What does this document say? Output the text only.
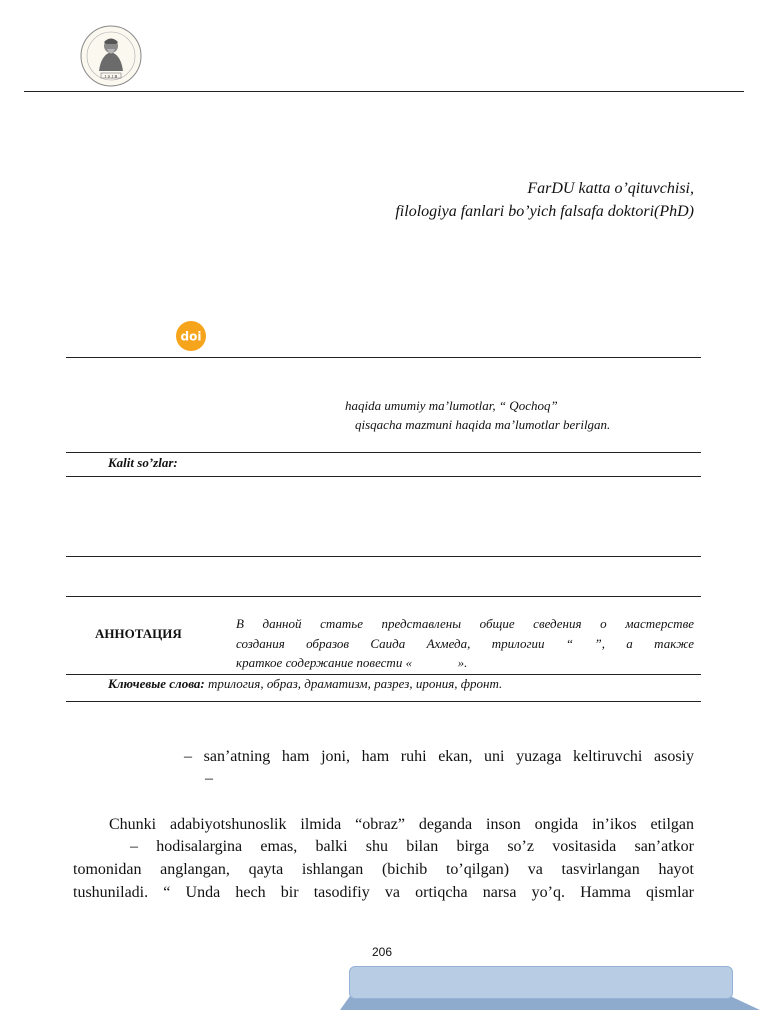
I S J B
FarDU katta o’qituvchisi,
filologiya fanlari bo’yich falsafa doktori(PhD)
doi
haqida umumiy ma’lumotlar, “ Qochoq”
qisqacha mazmuni haqida ma’lumotlar berilgan.
Kalit so’zlar:
АННОТАЦИЯ
В данной статье представлены общие сведения о мастерстве
создания образов Саида Ахмеда, трилогии “ ”, а также
краткое содержание повести «              ».
Ключевые слова: трилогия, образ, драматизм, разрез, ирония, фронт.
– san’atning ham joni, ham ruhi ekan, uni yuzaga keltiruvchi asosiy
–
Chunki adabiyotshunoslik ilmida “obraz” deganda inson ongida in’ikos etilgan
– hodisalargina emas, balki shu bilan birga so’z vositasida san’atkor
tomonidan anglangan, qayta ishlangan (bichib to’qilgan) va tasvirlangan hayot
tushuniladi. “ Unda hech bir tasodifiy va ortiqcha narsa yo’q. Hamma qismlar
206
